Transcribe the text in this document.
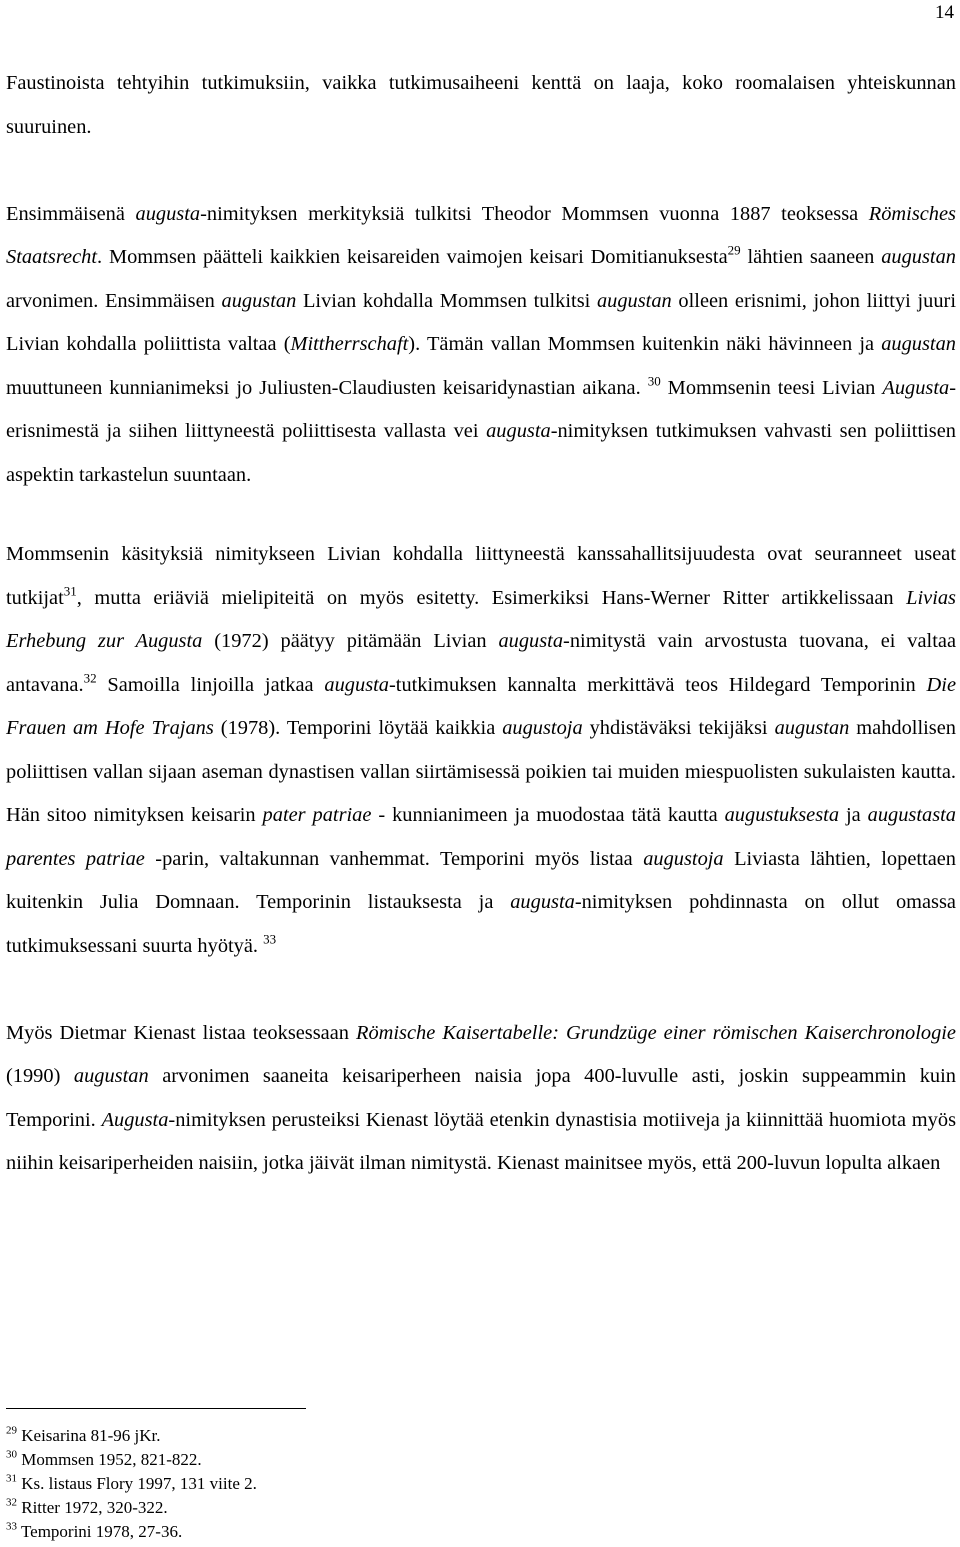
14

Faustinoista tehtyihin tutkimuksiin, vaikka tutkimusaiheeni kenttä on laaja, koko roomalaisen yhteiskunnan suuruinen.

Ensimmäisenä augusta-nimityksen merkityksiä tulkitsi Theodor Mommsen vuonna 1887 teoksessa Römisches Staatsrecht. Mommsen päätteli kaikkien keisareiden vaimojen keisari Domitianuksesta$^{29}$ lähtien saaneen augustan arvonimen. Ensimmäisen augustan Livian kohdalla Mommsen tulkitsi augustan olleen erisnimi, johon liittyi juuri Livian kohdalla poliittista valtaa (Mittherrschaft). Tämän vallan Mommsen kuitenkin näki hävinneen ja augustan muuttuneen kunnianimeksi jo Juliusten-Claudiusten keisaridynastian aikana. $^{30}$ Mommsenin teesi Livian Augusta-erisnimestä ja siihen liittyneestä poliittisesta vallasta vei augusta-nimityksen tutkimuksen vahvasti sen poliittisen aspektin tarkastelun suuntaan.

Mommsenin käsityksiä nimitykseen Livian kohdalla liittyneestä kanssahallitsijuudesta ovat seuranneet useat tutkijat$^{31}$, mutta eriäviä mielipiteitä on myös esitetty. Esimerkiksi Hans-Werner Ritter artikkelissaan Livias Erhebung zur Augusta (1972) päätyy pitämään Livian augusta-nimitystä vain arvostusta tuovana, ei valtaa antavana.$^{32}$ Samoilla linjoilla jatkaa augusta-tutkimuksen kannalta merkittävä teos Hildegard Temporinin Die Frauen am Hofe Trajans (1978). Temporini löytää kaikkia augustoja yhdistäväksi tekijäksi augustan mahdollisen poliittisen vallan sijaan aseman dynastisen vallan siirtämisessä poikien tai muiden miespuolisten sukulaisten kautta. Hän sitoo nimityksen keisarin pater patriae - kunnianimeen ja muodostaa tätä kautta augustuksesta ja augustasta parentes patriae -parin, valtakunnan vanhemmat. Temporini myös listaa augustoja Liviasta lähtien, lopettaen kuitenkin Julia Domnaan. Temporinin listauksesta ja augusta-nimityksen pohdinnasta on ollut omassa tutkimuksessani suurta hyötyä. $^{33}$

Myös Dietmar Kienast listaa teoksessaan Römische Kaisertabelle: Grundzüge einer römischen Kaiserchronologie (1990) augustan arvonimen saaneita keisariperheen naisia jopa 400-luvulle asti, joskin suppeammin kuin Temporini. Augusta-nimityksen perusteiksi Kienast löytää etenkin dynastisia motiiveja ja kiinnittää huomiota myös niihin keisariperheiden naisiin, jotka jäivät ilman nimitystä. Kienast mainitsee myös, että 200-luvun lopulta alkaen

$^{29}$ Keisarina 81-96 jKr.
$^{30}$ Mommsen 1952, 821-822.
$^{31}$ Ks. listaus Flory 1997, 131 viite 2.
$^{32}$ Ritter 1972, 320-322.
$^{33}$ Temporini 1978, 27-36.
